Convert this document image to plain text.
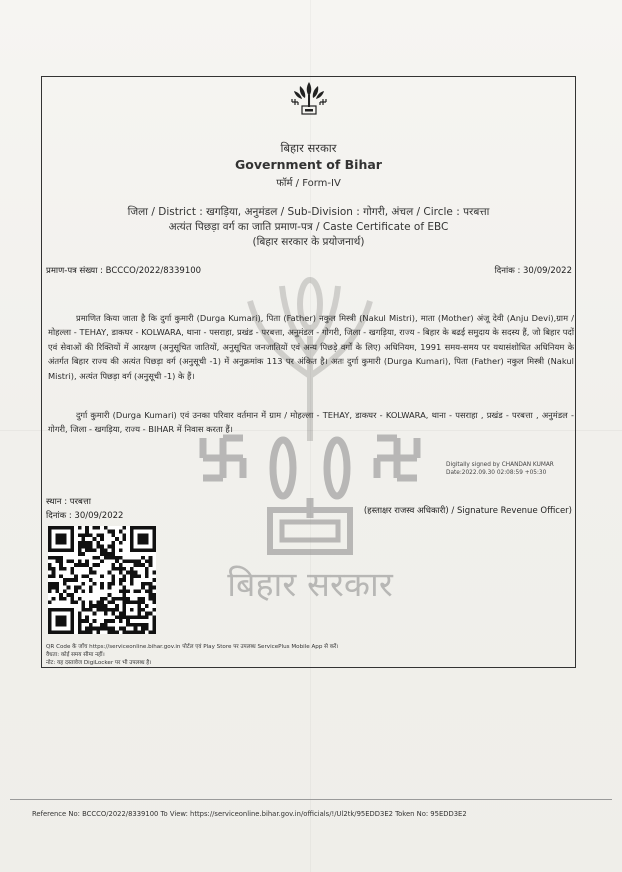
बिहार सरकार
Government of Bihar
फॉर्म / Form-IV
जिला / District : खगड़िया, अनुमंडल / Sub-Division : गोगरी, अंचल / Circle : परबत्ता
अत्यंत पिछड़ा वर्ग का जाति प्रमाण-पत्र / Caste Certificate of EBC
(बिहार सरकार के प्रयोजनार्थ)
प्रमाण-पत्र संख्या : BCCCO/2022/8339100	दिनांक : 30/09/2022
प्रमाणित किया जाता है कि दुर्गा कुमारी (Durga Kumari), पिता (Father) नकुल मिस्त्री (Nakul Mistri), माता (Mother) अंजू देवी (Anju Devi),ग्राम / मोहल्ला - TEHAY, डाकघर - KOLWARA, थाना - पसराहा, प्रखंड - परबत्ता, अनुमंडल - गोगरी, जिला - खगड़िया, राज्य - बिहार के बढई समुदाय के सदस्य हैं, जो बिहार पदों एवं सेवाओं की रिक्तियों में आरक्षण (अनुसूचित जातियों, अनुसूचित जनजातियों एवं अन्य पिछड़े वर्गों के लिए) अधिनियम, 1991 समय-समय पर यथासंशोधित अधिनियम के अंतर्गत बिहार राज्य की अत्यंत पिछड़ा वर्ग (अनुसूची -1) में अनुक्रमांक 113 पर अंकित है। अतः दुर्गा कुमारी (Durga Kumari), पिता (Father) नकुल मिस्त्री (Nakul Mistri), अत्यंत पिछड़ा वर्ग (अनुसूची -1) के हैं।
दुर्गा कुमारी (Durga Kumari) एवं उनका परिवार वर्तमान में ग्राम / मोहल्ला - TEHAY, डाकघर - KOLWARA, थाना - पसराहा , प्रखंड - परबत्ता , अनुमंडल - गोगरी, जिला - खगड़िया, राज्य - BIHAR में निवास करता हैं।
बिहार सरकार
Digitally signed by CHANDAN KUMAR
Date:2022.09.30 02:08:59 +05:30
स्थान : परबत्ता
दिनांक : 30/09/2022	(हस्ताक्षर राजस्व अधिकारी) / Signature Revenue Officer)
QR Code के जाँच https://serviceonline.bihar.gov.in पोर्टल एवं Play Store पर उपलब्ध ServicePlus Mobile App से करें।
वैधता: कोई समय सीमा नहीं।
नोट: यह दस्तावेज DigiLocker पर भी उपलब्ध है।
Reference No: BCCCO/2022/8339100 To View: https://serviceonline.bihar.gov.in/officials/!/Ul2tk/95EDD3E2 Token No: 95EDD3E2
